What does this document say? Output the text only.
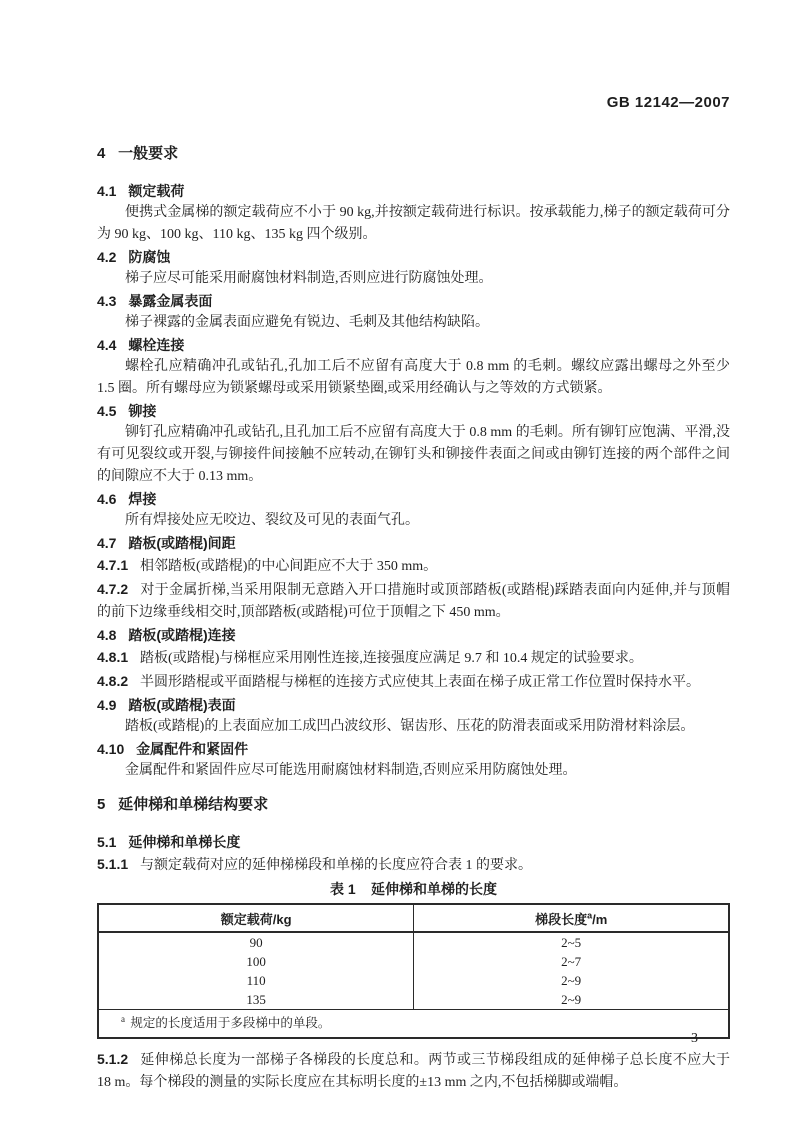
GB 12142—2007
4 一般要求
4.1 额定载荷
便携式金属梯的额定载荷应不小于 90 kg,并按额定载荷进行标识。按承载能力,梯子的额定载荷可分为 90 kg、100 kg、110 kg、135 kg 四个级别。
4.2 防腐蚀
梯子应尽可能采用耐腐蚀材料制造,否则应进行防腐蚀处理。
4.3 暴露金属表面
梯子裸露的金属表面应避免有锐边、毛刺及其他结构缺陷。
4.4 螺栓连接
螺栓孔应精确冲孔或钻孔,孔加工后不应留有高度大于 0.8 mm 的毛刺。螺纹应露出螺母之外至少 1.5 圈。所有螺母应为锁紧螺母或采用锁紧垫圈,或采用经确认与之等效的方式锁紧。
4.5 铆接
铆钉孔应精确冲孔或钻孔,且孔加工后不应留有高度大于 0.8 mm 的毛刺。所有铆钉应饱满、平滑,没有可见裂纹或开裂,与铆接件间接触不应转动,在铆钉头和铆接件表面之间或由铆钉连接的两个部件之间的间隙应不大于 0.13 mm。
4.6 焊接
所有焊接处应无咬边、裂纹及可见的表面气孔。
4.7 踏板(或踏棍)间距
4.7.1 相邻踏板(或踏棍)的中心间距应不大于 350 mm。
4.7.2 对于金属折梯,当采用限制无意踏入开口措施时或顶部踏板(或踏棍)踩踏表面向内延伸,并与顶帽的前下边缘垂线相交时,顶部踏板(或踏棍)可位于顶帽之下 450 mm。
4.8 踏板(或踏棍)连接
4.8.1 踏板(或踏棍)与梯框应采用刚性连接,连接强度应满足 9.7 和 10.4 规定的试验要求。
4.8.2 半圆形踏棍或平面踏棍与梯框的连接方式应使其上表面在梯子成正常工作位置时保持水平。
4.9 踏板(或踏棍)表面
踏板(或踏棍)的上表面应加工成凹凸波纹形、锯齿形、压花的防滑表面或采用防滑材料涂层。
4.10 金属配件和紧固件
金属配件和紧固件应尽可能选用耐腐蚀材料制造,否则应采用防腐蚀处理。
5 延伸梯和单梯结构要求
5.1 延伸梯和单梯长度
5.1.1 与额定载荷对应的延伸梯梯段和单梯的长度应符合表 1 的要求。
表 1 延伸梯和单梯的长度
额定载荷/kg	梯段长度$^a$/m
90	2~5
100	2~7
110	2~9
135	2~9
$^a$ 规定的长度适用于多段梯中的单段。	
5.1.2 延伸梯总长度为一部梯子各梯段的长度总和。两节或三节梯段组成的延伸梯子总长度不应大于 18 m。每个梯段的测量的实际长度应在其标明长度的±13 mm 之内,不包括梯脚或端帽。
3
